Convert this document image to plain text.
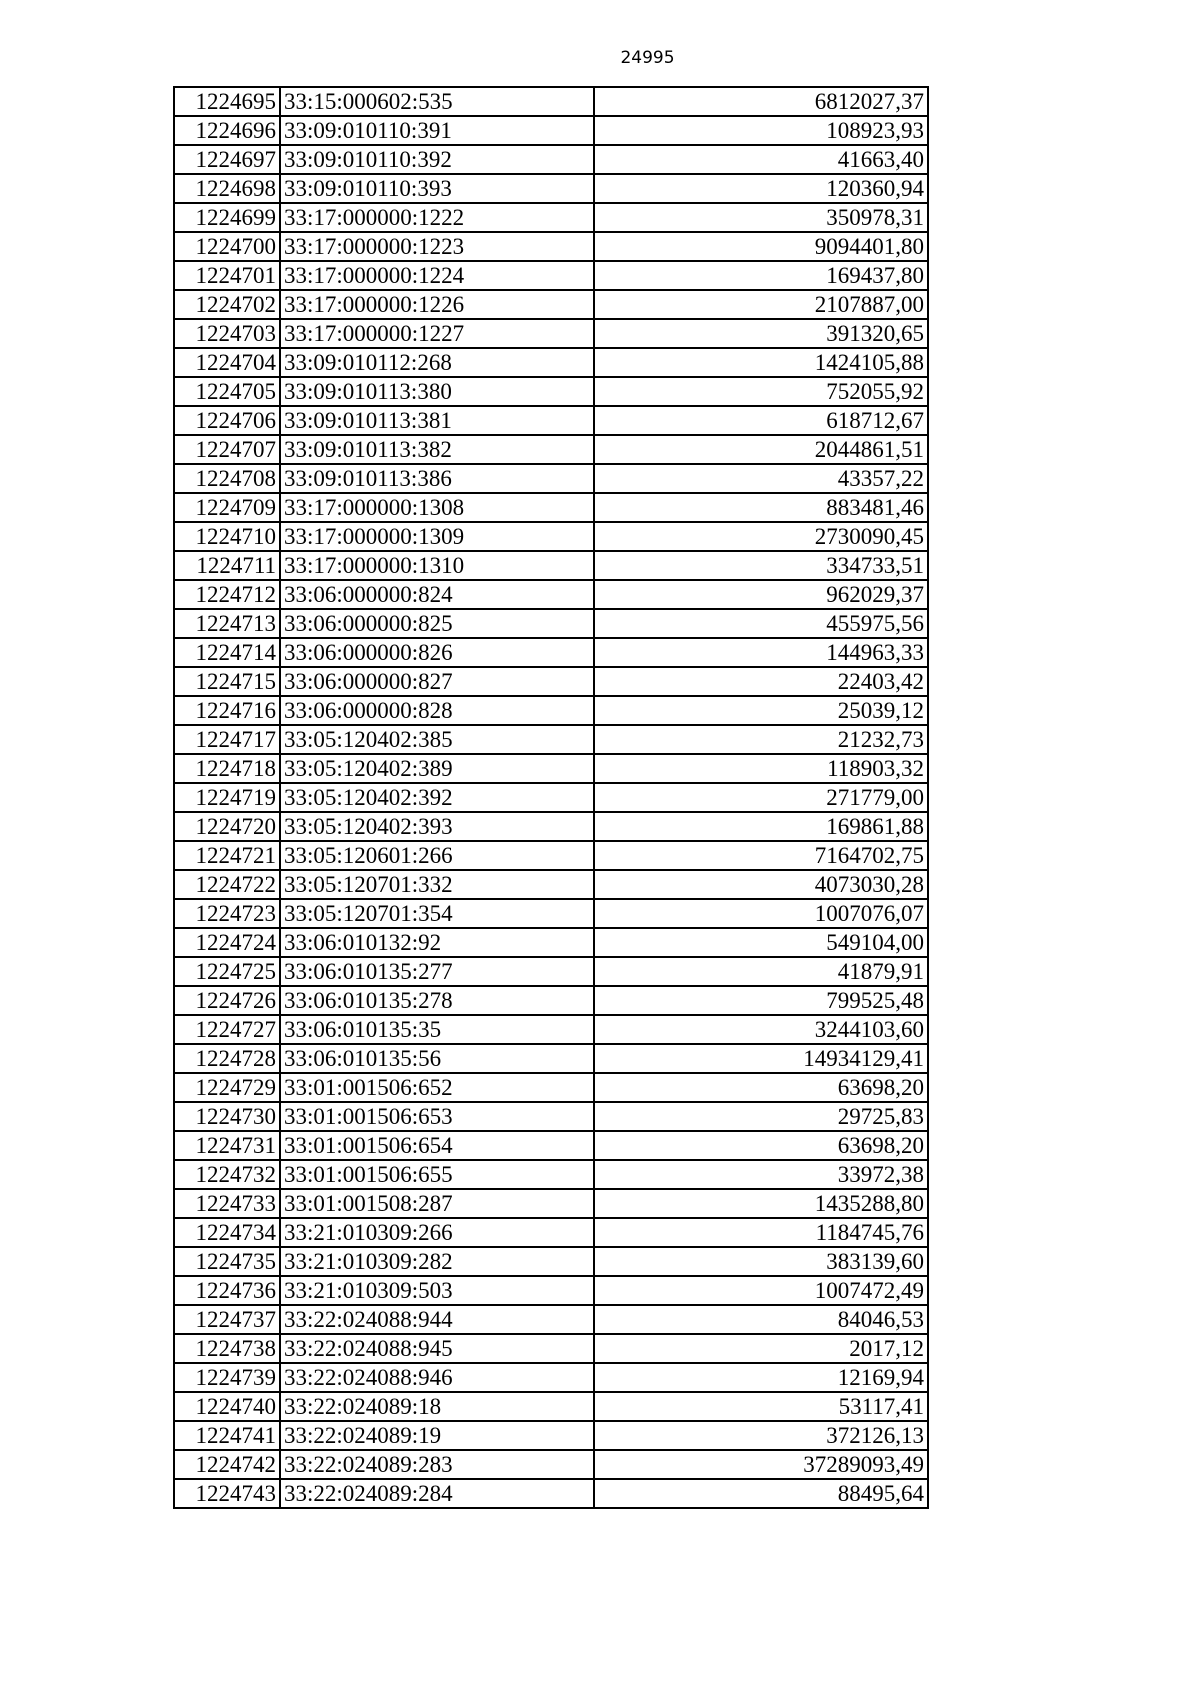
24995
1224695	33:15:000602:535	6812027,37
1224696	33:09:010110:391	108923,93
1224697	33:09:010110:392	41663,40
1224698	33:09:010110:393	120360,94
1224699	33:17:000000:1222	350978,31
1224700	33:17:000000:1223	9094401,80
1224701	33:17:000000:1224	169437,80
1224702	33:17:000000:1226	2107887,00
1224703	33:17:000000:1227	391320,65
1224704	33:09:010112:268	1424105,88
1224705	33:09:010113:380	752055,92
1224706	33:09:010113:381	618712,67
1224707	33:09:010113:382	2044861,51
1224708	33:09:010113:386	43357,22
1224709	33:17:000000:1308	883481,46
1224710	33:17:000000:1309	2730090,45
1224711	33:17:000000:1310	334733,51
1224712	33:06:000000:824	962029,37
1224713	33:06:000000:825	455975,56
1224714	33:06:000000:826	144963,33
1224715	33:06:000000:827	22403,42
1224716	33:06:000000:828	25039,12
1224717	33:05:120402:385	21232,73
1224718	33:05:120402:389	118903,32
1224719	33:05:120402:392	271779,00
1224720	33:05:120402:393	169861,88
1224721	33:05:120601:266	7164702,75
1224722	33:05:120701:332	4073030,28
1224723	33:05:120701:354	1007076,07
1224724	33:06:010132:92	549104,00
1224725	33:06:010135:277	41879,91
1224726	33:06:010135:278	799525,48
1224727	33:06:010135:35	3244103,60
1224728	33:06:010135:56	14934129,41
1224729	33:01:001506:652	63698,20
1224730	33:01:001506:653	29725,83
1224731	33:01:001506:654	63698,20
1224732	33:01:001506:655	33972,38
1224733	33:01:001508:287	1435288,80
1224734	33:21:010309:266	1184745,76
1224735	33:21:010309:282	383139,60
1224736	33:21:010309:503	1007472,49
1224737	33:22:024088:944	84046,53
1224738	33:22:024088:945	2017,12
1224739	33:22:024088:946	12169,94
1224740	33:22:024089:18	53117,41
1224741	33:22:024089:19	372126,13
1224742	33:22:024089:283	37289093,49
1224743	33:22:024089:284	88495,64
